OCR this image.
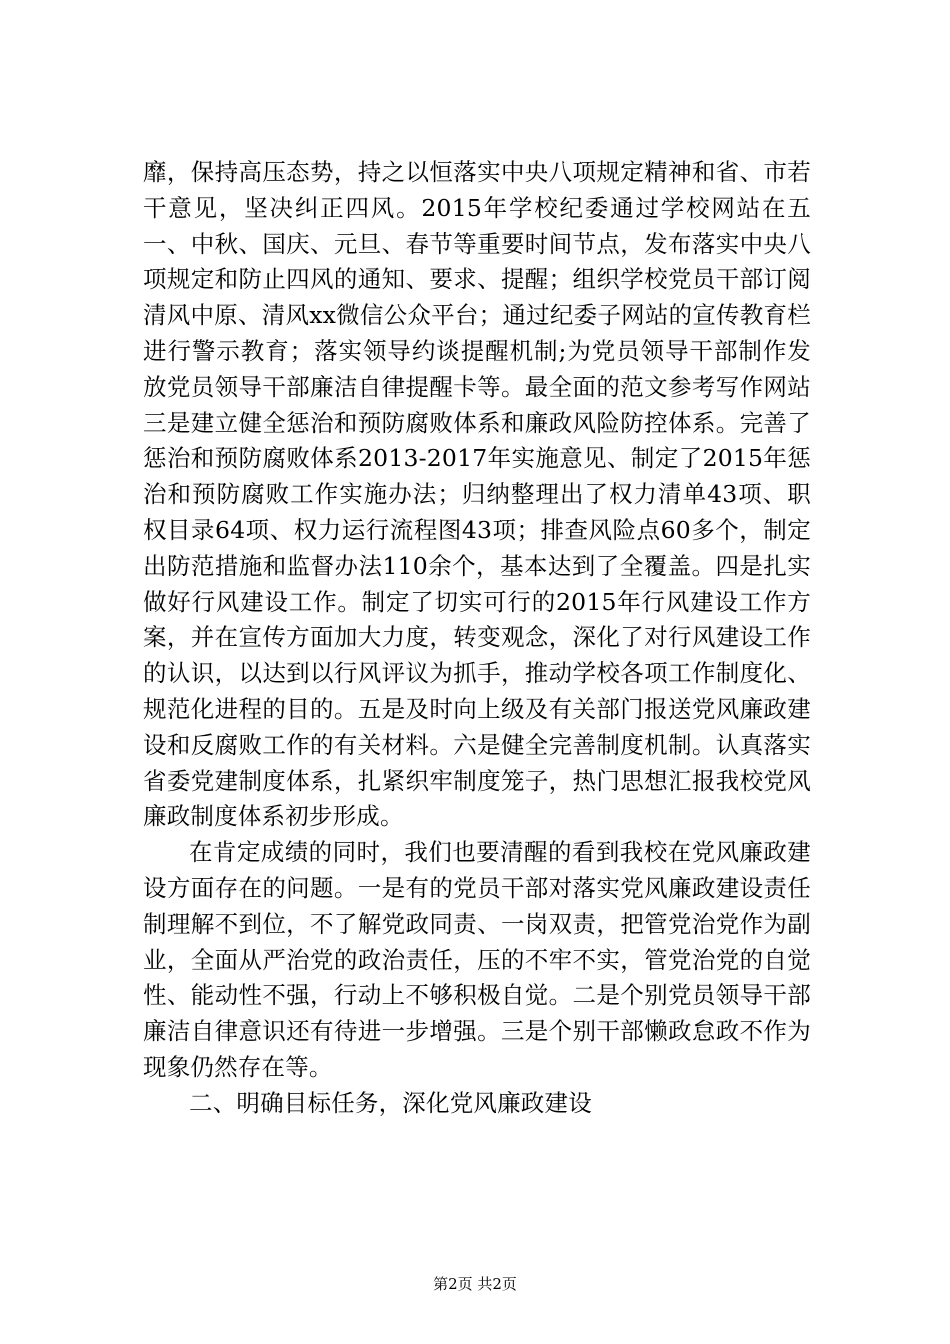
靡，保持高压态势，持之以恒落实中央八项规定精神和省、市若干意见，坚决纠正四风。2015年学校纪委通过学校网站在五一、中秋、国庆、元旦、春节等重要时间节点，发布落实中央八项规定和防止四风的通知、要求、提醒；组织学校党员干部订阅清风中原、清风xx微信公众平台；通过纪委子网站的宣传教育栏进行警示教育；落实领导约谈提醒机制;为党员领导干部制作发放党员领导干部廉洁自律提醒卡等。最全面的范文参考写作网站三是建立健全惩治和预防腐败体系和廉政风险防控体系。完善了惩治和预防腐败体系2013-2017年实施意见、制定了2015年惩治和预防腐败工作实施办法；归纳整理出了权力清单43项、职权目录64项、权力运行流程图43项；排查风险点60多个，制定出防范措施和监督办法110余个，基本达到了全覆盖。四是扎实做好行风建设工作。制定了切实可行的2015年行风建设工作方案，并在宣传方面加大力度，转变观念，深化了对行风建设工作的认识，以达到以行风评议为抓手，推动学校各项工作制度化、规范化进程的目的。五是及时向上级及有关部门报送党风廉政建设和反腐败工作的有关材料。六是健全完善制度机制。认真落实省委党建制度体系，扎紧织牢制度笼子，热门思想汇报我校党风廉政制度体系初步形成。

在肯定成绩的同时，我们也要清醒的看到我校在党风廉政建设方面存在的问题。一是有的党员干部对落实党风廉政建设责任制理解不到位，不了解党政同责、一岗双责，把管党治党作为副业，全面从严治党的政治责任，压的不牢不实，管党治党的自觉性、能动性不强，行动上不够积极自觉。二是个别党员领导干部廉洁自律意识还有待进一步增强。三是个别干部懒政怠政不作为现象仍然存在等。

二、明确目标任务，深化党风廉政建设

第2页 共2页
